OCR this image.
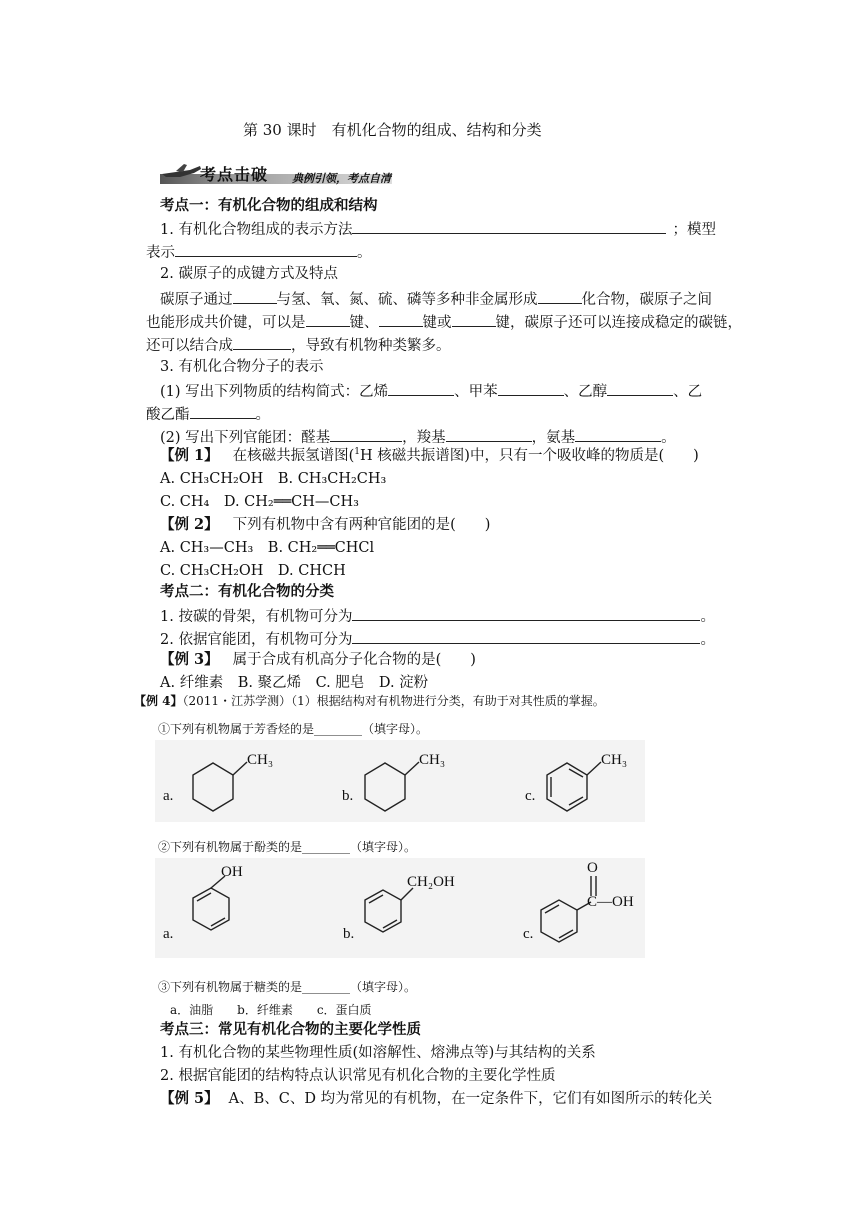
第 30 课时　有机化合物的组成、结构和分类
考点击破 典例引领，考点自清
考点一：有机化合物的组成和结构
1. 有机化合物组成的表示方法	；模型
表示	。
2. 碳原子的成键方式及特点
碳原子通过	与氢、氧、氮、硫、磷等多种非金属形成	化合物，碳原子之间
也能形成共价键，可以是	键、	键或	键，碳原子还可以连接成稳定的碳链，
还可以结合成	，导致有机物种类繁多。
3. 有机化合物分子的表示
(1) 写出下列物质的结构简式：乙烯	、甲苯	、乙醇	、乙
酸乙酯	。
(2) 写出下列官能团：醛基	，羧基	，氨基	。
【例 1】 在核磁共振氢谱图($^1$H 核磁共振谱图)中，只有一个吸收峰的物质是(　　)
A. CH₃CH₂OH　B. CH₃CH₂CH₃
C. CH₄　D. CH₂══CH—CH₃
【例 2】 下列有机物中含有两种官能团的是(　　)
A. CH₃—CH₃　B. CH₂══CHCl
C. CH₃CH₂OH　D. CHCH
考点二：有机化合物的分类
1. 按碳的骨架，有机物可分为	。
2. 依据官能团，有机物可分为	。
【例 3】 属于合成有机高分子化合物的是(　　)
A. 纤维素　B. 聚乙烯　C. 肥皂　D. 淀粉
【例 4】（2011・江苏学测）（1）根据结构对有机物进行分类，有助于对其性质的掌握。
①下列有机物属于芳香烃的是________（填字母）。
a.
CH₃
b.
CH₃
c.
CH₃
②下列有机物属于酚类的是________（填字母）。
a.
OH
b.
CH₂OH
c.
O
C—OH
③下列有机物属于糖类的是________（填字母）。
a．油脂　　b．纤维素　　c．蛋白质
考点三：常见有机化合物的主要化学性质
1. 有机化合物的某些物理性质(如溶解性、熔沸点等)与其结构的关系
2. 根据官能团的结构特点认识常见有机化合物的主要化学性质
【例 5】 A、B、C、D 均为常见的有机物，在一定条件下，它们有如图所示的转化关
